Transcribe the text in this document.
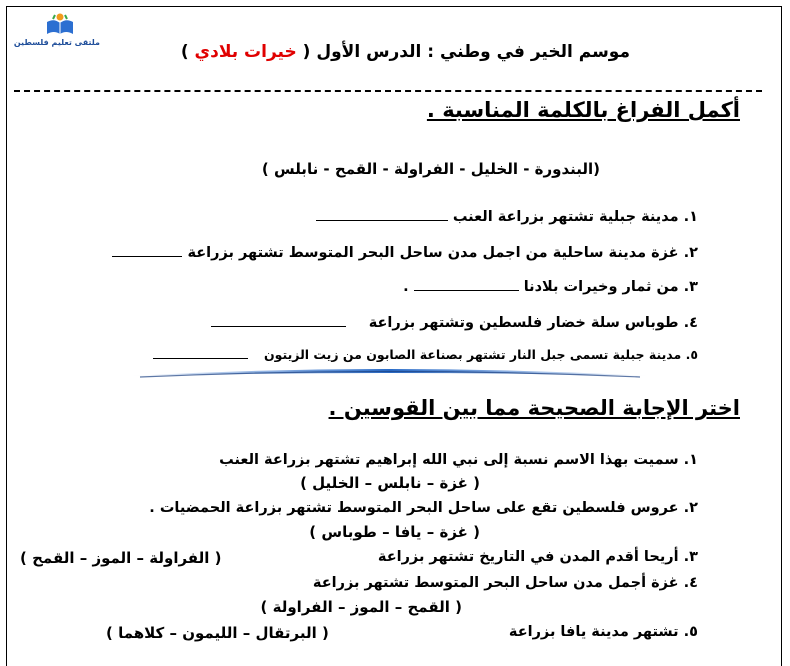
ملتقى تعليم فلسطين	موسم الخير في وطني : الدرس الأول ( خيرات بلادي )
أكمل الفراغ بالكلمة المناسبة .
(البندورة - الخليل - الفراولة - القمح - نابلس )
١. مدينة جبلية تشتهر بزراعة العنب
٢. غزة مدينة ساحلية من اجمل مدن ساحل البحر المتوسط تشتهر بزراعة
٣. من ثمار وخيرات بلادنا  .
٤. طوباس سلة خضار فلسطين وتشتهر بزراعة
٥. مدينة جبلية تسمى جبل النار تشتهر بصناعة الصابون من زيت الزيتون
اختر الإجابة الصحيحة مما بين القوسين .
١. سميت بهذا الاسم نسبة إلى نبي الله إبراهيم تشتهر بزراعة العنب
( غزة – نابلس – الخليل )
٢. عروس فلسطين تقع على ساحل البحر المتوسط تشتهر بزراعة الحمضيات .
( غزة – يافا – طوباس )
٣. أريحا أقدم المدن في التاريخ تشتهر بزراعة
( الفراولة – الموز – القمح )
٤. غزة أجمل مدن ساحل البحر المتوسط تشتهر بزراعة
( القمح – الموز – الفراولة )
٥. تشتهر مدينة يافا بزراعة
( البرتقال – الليمون – كلاهما )
